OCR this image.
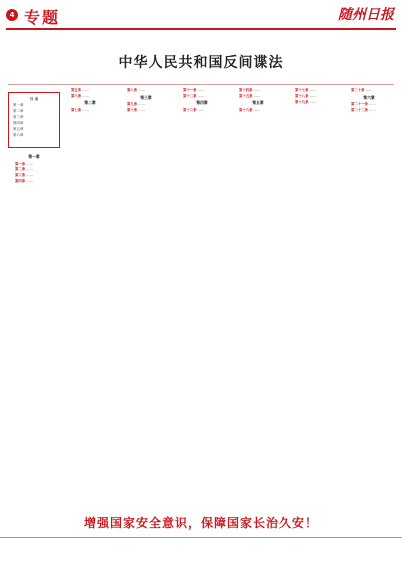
4 专题	随州日报
中华人民共和国反间谍法
目 录
第一章
第二章
第三章
第四章
第五章
第六章

第一章

第一条 ……

第二条 ……

第三条 ……

第四条 ……

第五条 ……

第六条 ……

第二章

第七条 ……

第八条 ……

第三章

第九条 ……

第十条 ……

第十一条 ……

第十二条 ……

第四章

第十三条 ……

第十四条 ……

第十五条 ……

第五章

第十六条 ……

第十七条 ……

第十八条 ……

第十九条 ……

第二十条 ……

第六章

第二十一条 ……

第二十二条 ……

增强国家安全意识，保障国家长治久安！
